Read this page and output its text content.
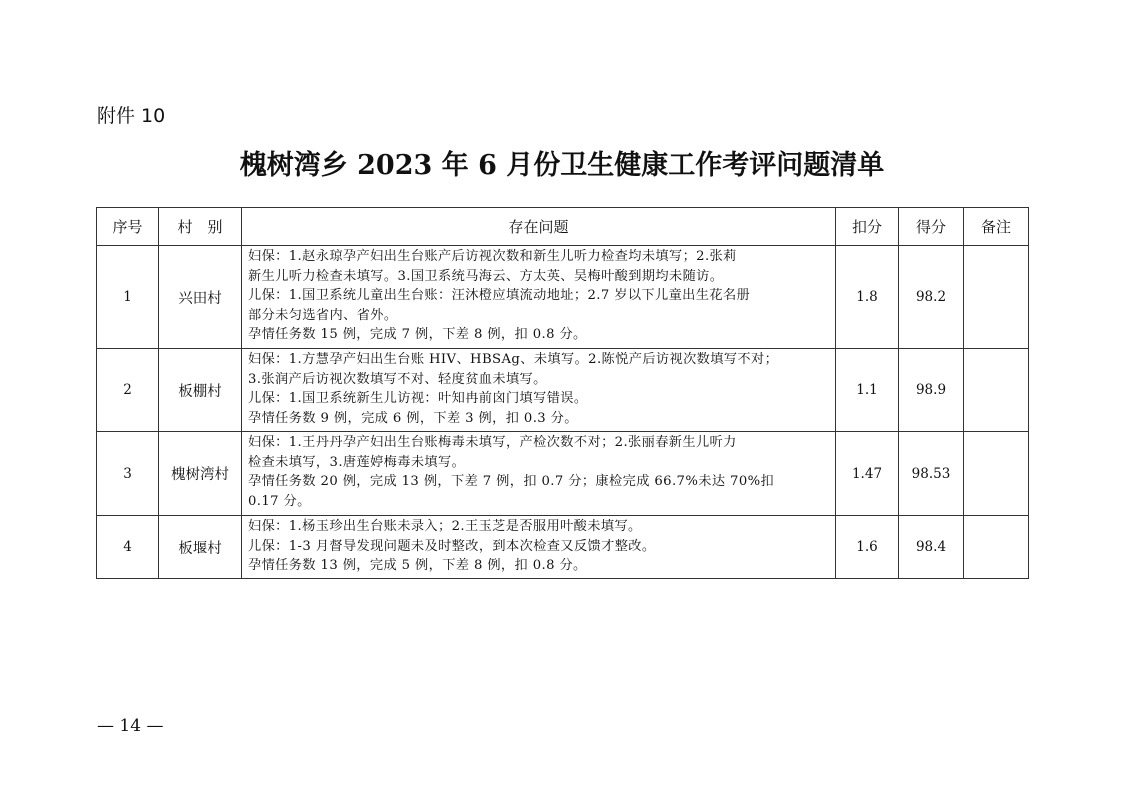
附件 10
槐树湾乡 2023 年 6 月份卫生健康工作考评问题清单
序号	村　别	存在问题	扣分	得分	备注
1	兴田村	妇保：1.赵永琼孕产妇出生台账产后访视次数和新生儿听力检查均未填写；2.张莉
新生儿听力检查未填写。3.国卫系统马海云、方太英、吴梅叶酸到期均未随访。
儿保：1.国卫系统儿童出生台账：汪沐橙应填流动地址；2.7 岁以下儿童出生花名册
部分未匀选省内、省外。
孕情任务数 15 例，完成 7 例，下差 8 例，扣 0.8 分。	1.8	98.2	
2	板棚村	妇保：1.方慧孕产妇出生台账 HIV、HBSAg、未填写。2.陈悦产后访视次数填写不对；
3.张润产后访视次数填写不对、轻度贫血未填写。
儿保：1.国卫系统新生儿访视：叶知冉前囟门填写错误。
孕情任务数 9 例，完成 6 例，下差 3 例，扣 0.3 分。	1.1	98.9	
3	槐树湾村	妇保：1.王丹丹孕产妇出生台账梅毒未填写，产检次数不对；2.张丽春新生儿听力
检查未填写，3.唐莲婷梅毒未填写。
孕情任务数 20 例，完成 13 例，下差 7 例，扣 0.7 分；康检完成 66.7%未达 70%扣
0.17 分。	1.47	98.53	
4	板堰村	妇保：1.杨玉珍出生台账未录入；2.王玉芝是否服用叶酸未填写。
儿保：1-3 月督导发现问题未及时整改，到本次检查又反馈才整改。
孕情任务数 13 例，完成 5 例，下差 8 例，扣 0.8 分。	1.6	98.4	
— 14 —
